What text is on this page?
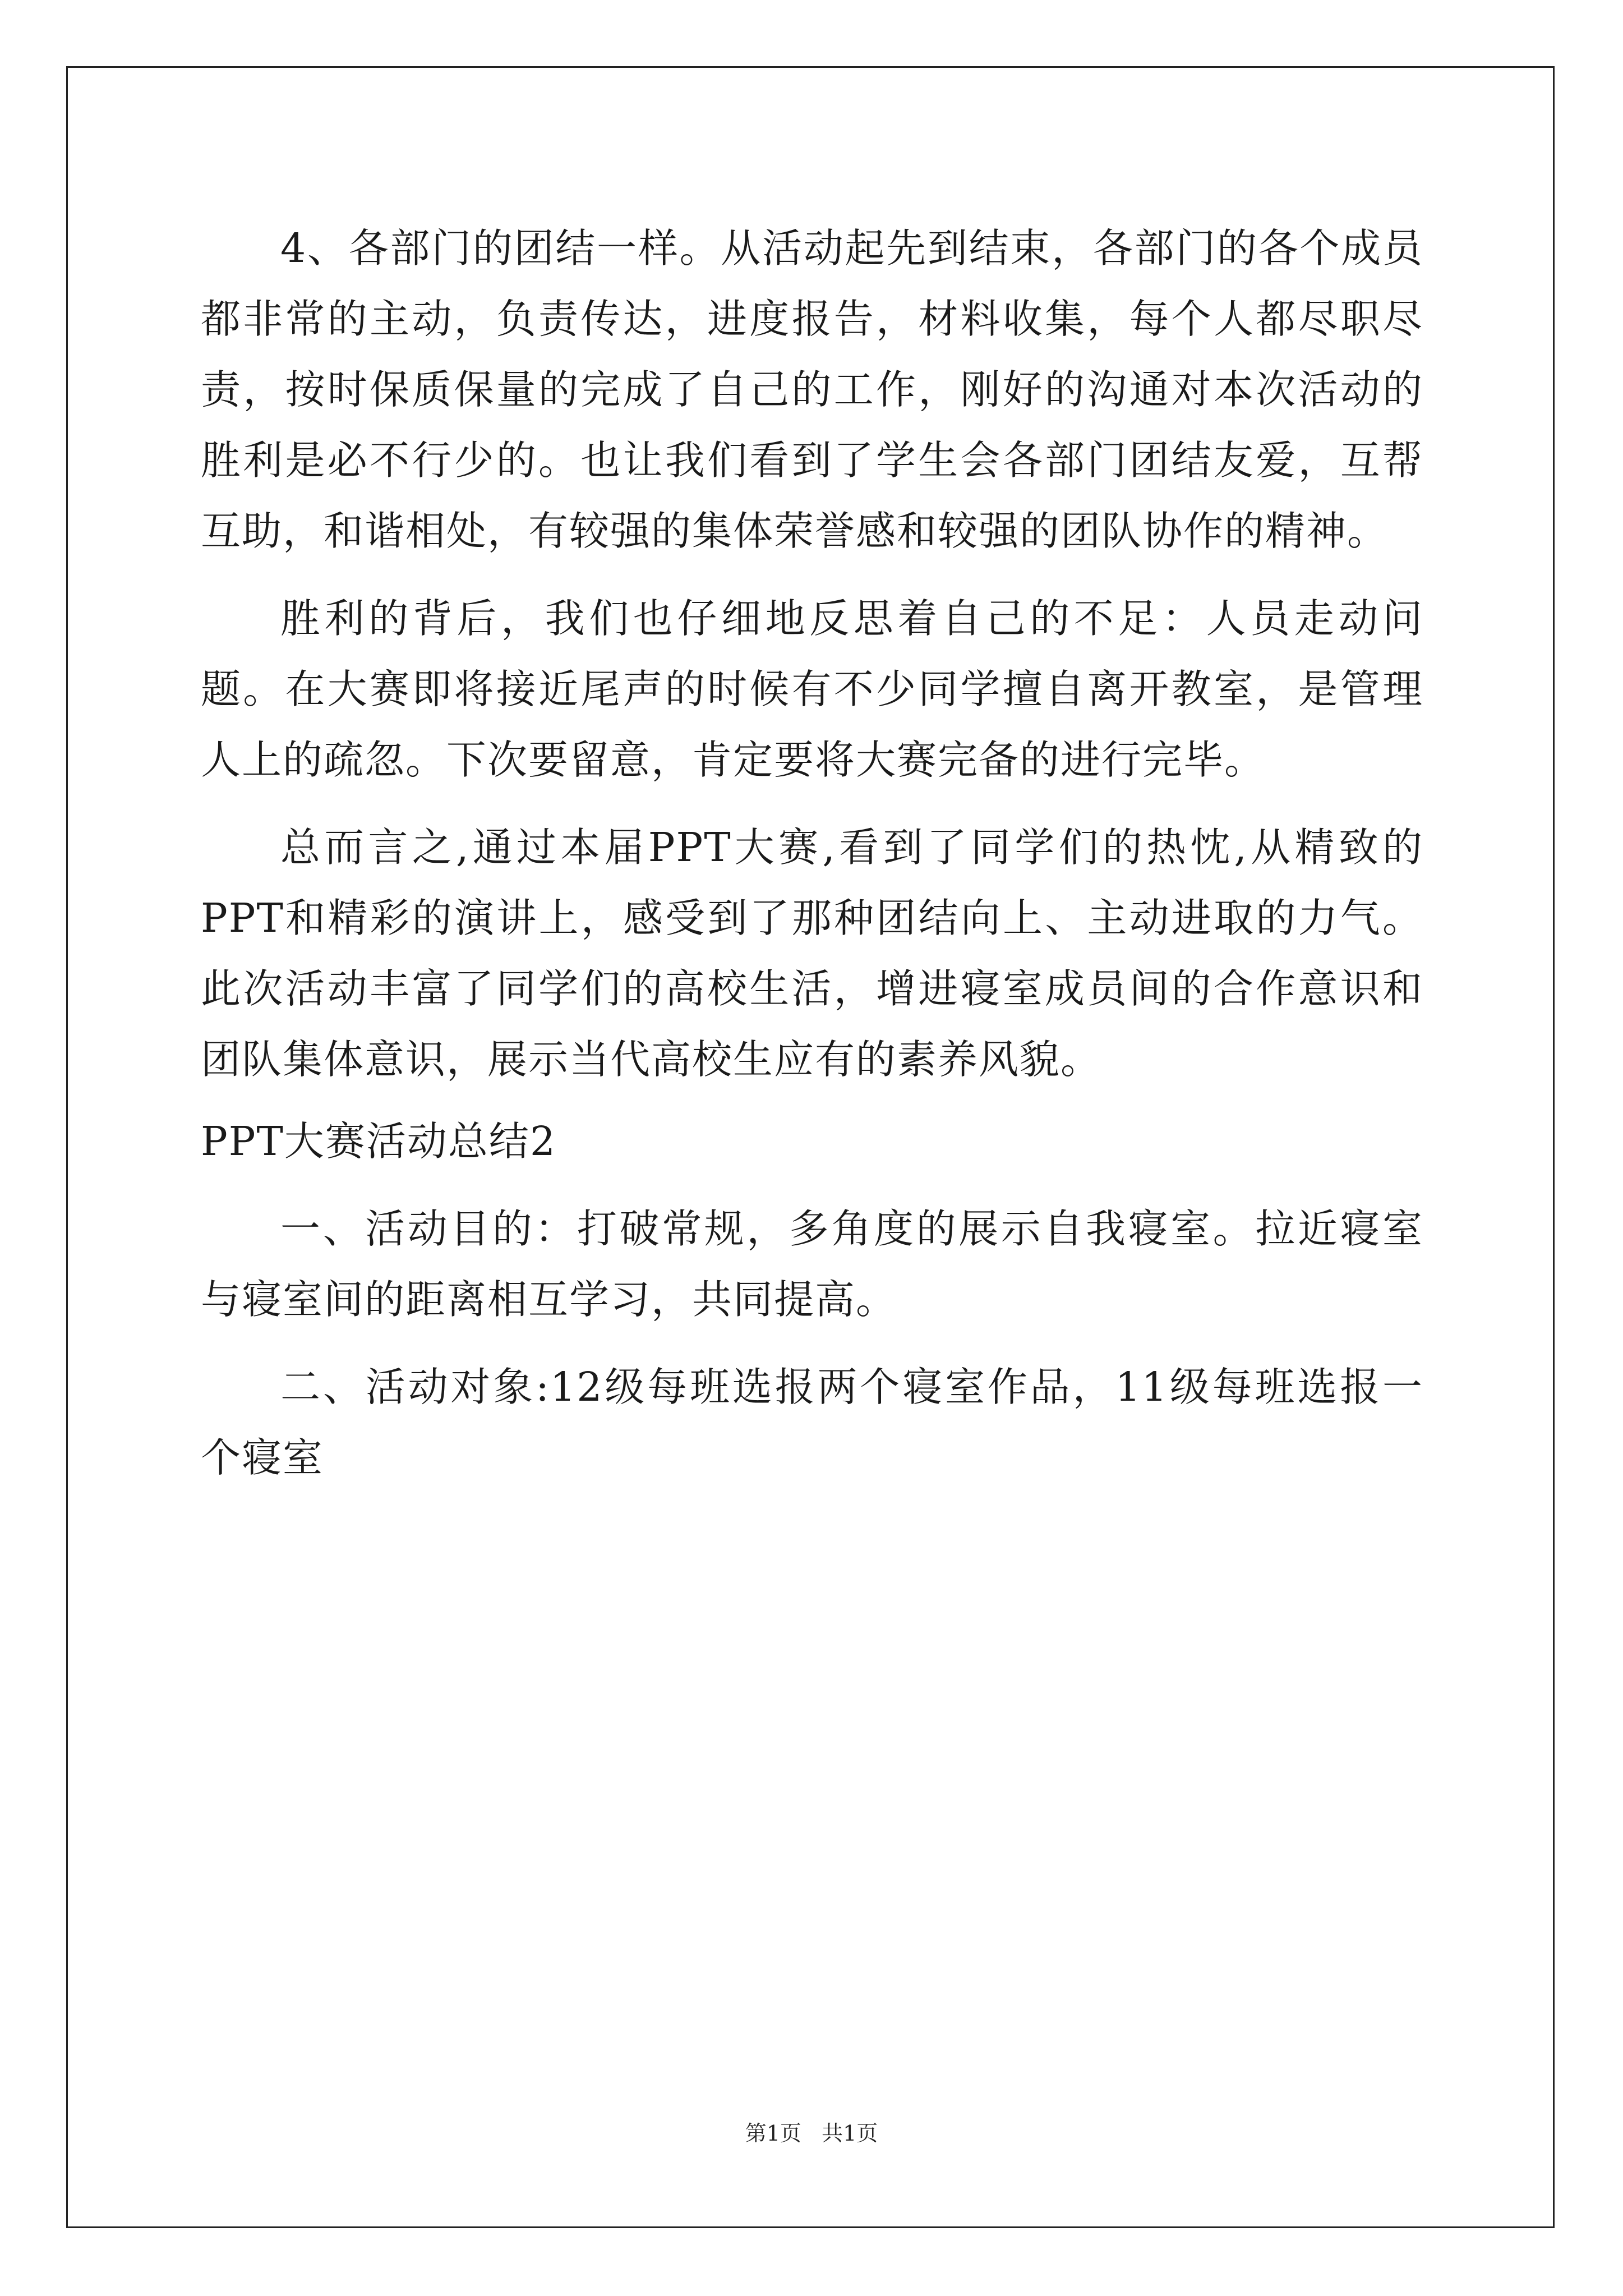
4、各部门的团结一样。从活动起先到结束，各部门的各个成员都非常的主动，负责传达，进度报告，材料收集，每个人都尽职尽责，按时保质保量的完成了自己的工作，刚好的沟通对本次活动的胜利是必不行少的。也让我们看到了学生会各部门团结友爱，互帮互助，和谐相处，有较强的集体荣誉感和较强的团队协作的精神。

胜利的背后，我们也仔细地反思着自己的不足：人员走动问题。在大赛即将接近尾声的时候有不少同学擅自离开教室，是管理人上的疏忽。下次要留意，肯定要将大赛完备的进行完毕。

总而言之,通过本届PPT大赛,看到了同学们的热忱,从精致的PPT和精彩的演讲上，感受到了那种团结向上、主动进取的力气。此次活动丰富了同学们的高校生活，增进寝室成员间的合作意识和团队集体意识，展示当代高校生应有的素养风貌。

PPT大赛活动总结2

一、活动目的：打破常规，多角度的展示自我寝室。拉近寝室与寝室间的距离相互学习，共同提高。

二、活动对象:12级每班选报两个寝室作品，11级每班选报一个寝室

第1页 共1页
